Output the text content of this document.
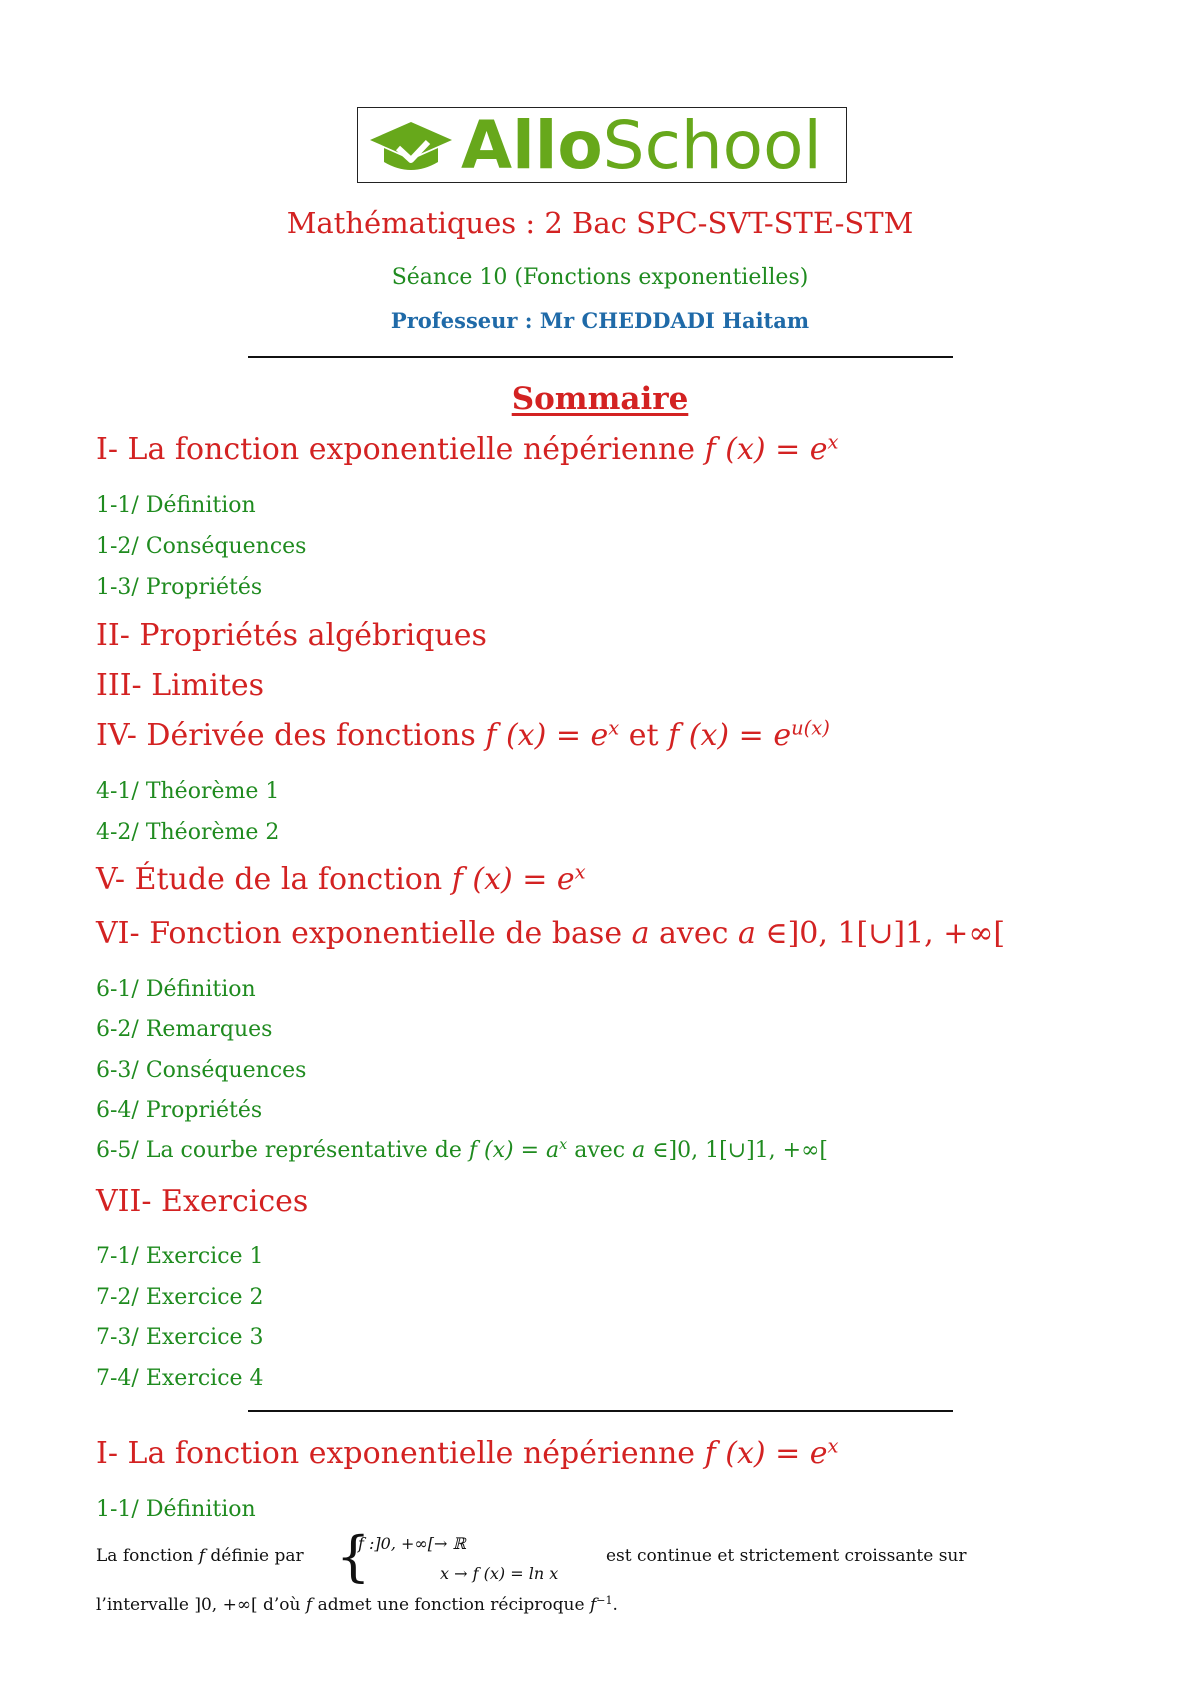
AlloSchool
Mathématiques : 2 Bac SPC-SVT-STE-STM
Séance 10 (Fonctions exponentielles)
Professeur : Mr CHEDDADI Haitam
Sommaire
I- La fonction exponentielle népérienne f $(x) = e^x$
1-1/ Définition
1-2/ Conséquences
1-3/ Propriétés
II- Propriétés algébriques
III- Limites
IV- Dérivée des fonctions f $(x) = e^x$ et f $(x) = e^{u(x)}$
4-1/ Théorème 1
4-2/ Théorème 2
V- Étude de la fonction f $(x) = e^x$
VI- Fonction exponentielle de base a avec a ∈]0, 1[∪]1, +∞[
6-1/ Définition
6-2/ Remarques
6-3/ Conséquences
6-4/ Propriétés
6-5/ La courbe représentative de f $(x) = a^x$ avec a ∈]0, 1[∪]1, +∞[
VII- Exercices
7-1/ Exercice 1
7-2/ Exercice 2
7-3/ Exercice 3
7-4/ Exercice 4
I- La fonction exponentielle népérienne f $(x) = e^x$
1-1/ Définition
La fonction f définie par {
f :]0, +∞[→ ℝ
x → f (x) = ln x
est continue et strictement croissante sur
l’intervalle ]0, +∞[ d’où f admet une fonction réciproque $f^{-1}$.
